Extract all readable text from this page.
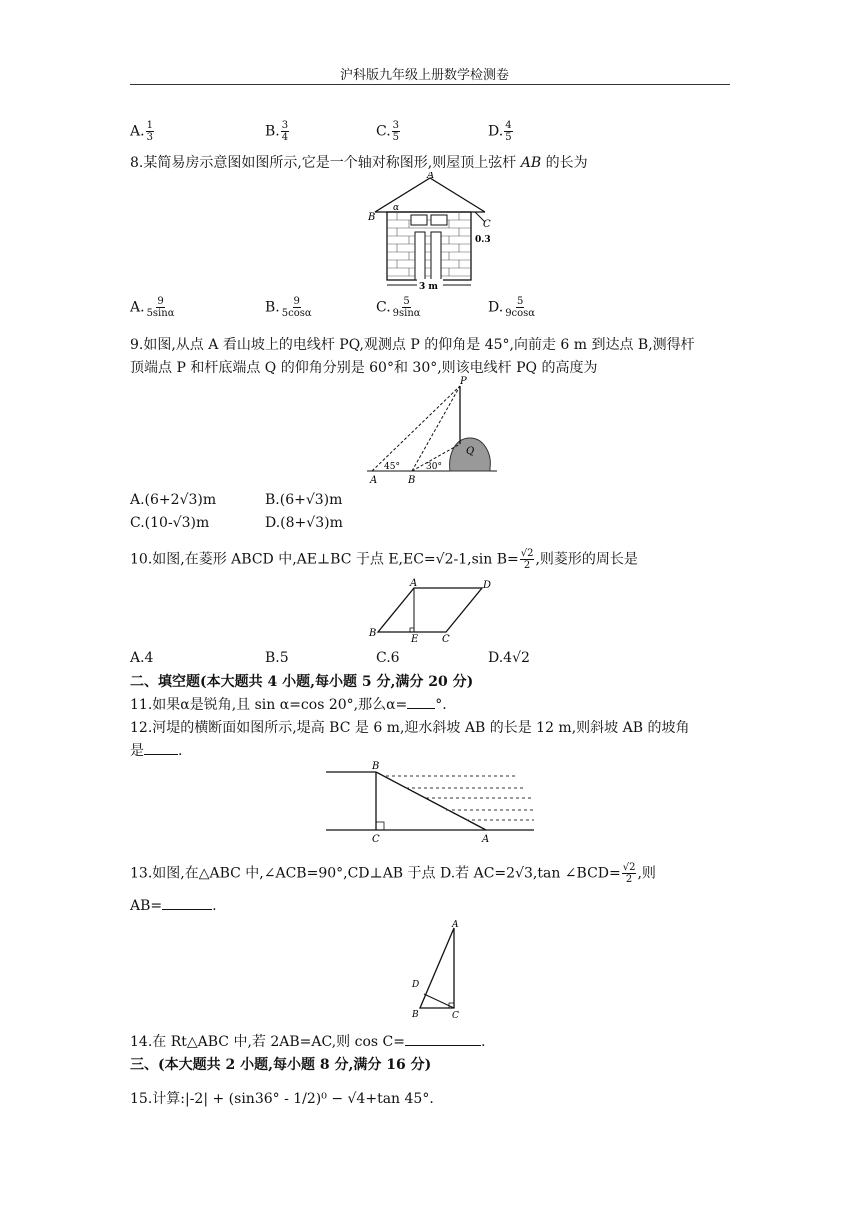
沪科版九年级上册数学检测卷
A. $\frac{1}{3}$	B. $\frac{3}{4}$	C. $\frac{3}{5}$	D. $\frac{4}{5}$
8.某简易房示意图如图所示,它是一个轴对称图形,则屋顶上弦杆 AB 的长为
C
0.3
A
B
α
3 m
A. $\frac{9}{5\sin\alpha}$	B. $\frac{9}{5\cos\alpha}$	C. $\frac{5}{9\sin\alpha}$	D. $\frac{5}{9\cos\alpha}$
9.如图,从点 A 看山坡上的电线杆 PQ,观测点 P 的仰角是 45°,向前走 6 m 到达点 B,测得杆
顶端点 P 和杆底端点 Q 的仰角分别是 60°和 30°,则该电线杆 PQ 的高度为
P
Q
A	B
45°	30°
A.(6+2√3)m	B.(6+√3)m
C.(10-√3)m	D.(8+√3)m
10.如图,在菱形 ABCD 中,AE⊥BC 于点 E,EC=√2-1,sin $B= \frac{√2}{2}$ ,则菱形的周长是
A	D
B
E C
A.4	B.5	C.6	D.4√2
二、填空题(本大题共 4 小题,每小题 5 分,满分 20 分)
11.如果α是锐角,且 sin α=cos 20°,那么α= °.
12.河堤的横断面如图所示,堤高 BC 是 6 m,迎水斜坡 AB 的长是 12 m,则斜坡 AB 的坡角
是 .
B
C	A
13.如图,在△ABC 中,∠ACB=90°,CD⊥AB 于点 D.若 AC=2√3,tan ∠BCD= $\frac{√2}{2}$ ,则
AB=	.
A
D
B	C
14.在 Rt△ABC 中,若 2AB=AC,则 cos C=	.
三、(本大题共 2 小题,每小题 8 分,满分 16 分)
15.计算:|-2| + (sin36° - 1/2)⁰ − √4+tan 45°.
